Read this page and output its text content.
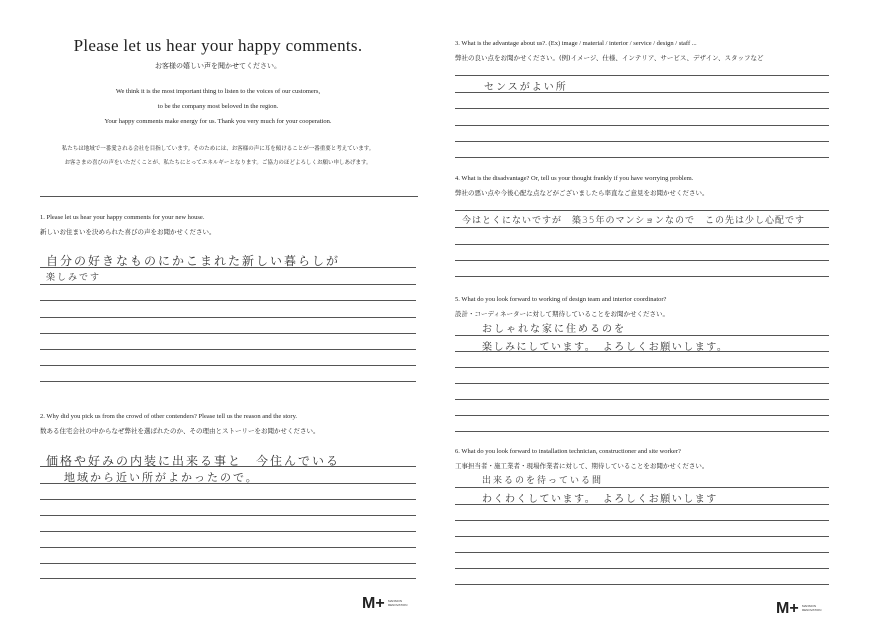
Please let us hear your happy comments.
お客様の嬉しい声を聞かせてください。
We think it is the most important thing to listen to the voices of our customers,
to be the company most beloved in the region.
Your happy comments make energy for us. Thank you very much for your cooperation.
私たちは地域で一番愛される会社を目指しています。そのためには、お客様の声に耳を傾けることが一番重要と考えています。
お客さまの喜びの声をいただくことが、私たちにとってエネルギーとなります。ご協力のほどよろしくお願い申しあげます。
1. Please let us hear your happy comments for your new house.
新しいお住まいを決められた喜びの声をお聞かせください。
自分の好きなものにかこまれた新しい暮らしが
楽しみです
2. Why did you pick us from the crowd of other contenders? Please tell us the reason and the story.
数ある住宅会社の中からなぜ弊社を選ばれたのか、その理由とストーリーをお聞かせください。
価格や好みの内装に出来る事と　今住んでいる
地域から近い所がよかったので。
M+ MANSION
RENOVATION
3. What is the advantage about us?. (Ex) image / material / interior / service / design / staff ...
弊社の良い点をお聞かせください。(例)イメージ、仕様、インテリア、サービス、デザイン、スタッフなど
センスがよい所
4. What is the disadvantage? Or, tell us your thought frankly if you have worrying problem.
弊社の悪い点や今後心配な点などがございましたら率直なご意見をお聞かせください。
今はとくにないですが　築35年のマンションなので　この先は少し心配です
5. What do you look forward to working of design team and interior coordinator?
設計・コーディネーターに対して期待していることをお聞かせください。
おしゃれな家に住めるのを
楽しみにしています。　よろしくお願いします。
6. What do you look forward to installation technician, constructioner and site worker?
工事担当者・施工業者・現場作業者に対して、期待していることをお聞かせください。
出来るのを待っている間
わくわくしています。　よろしくお願いします
M+ MANSION
RENOVATION
